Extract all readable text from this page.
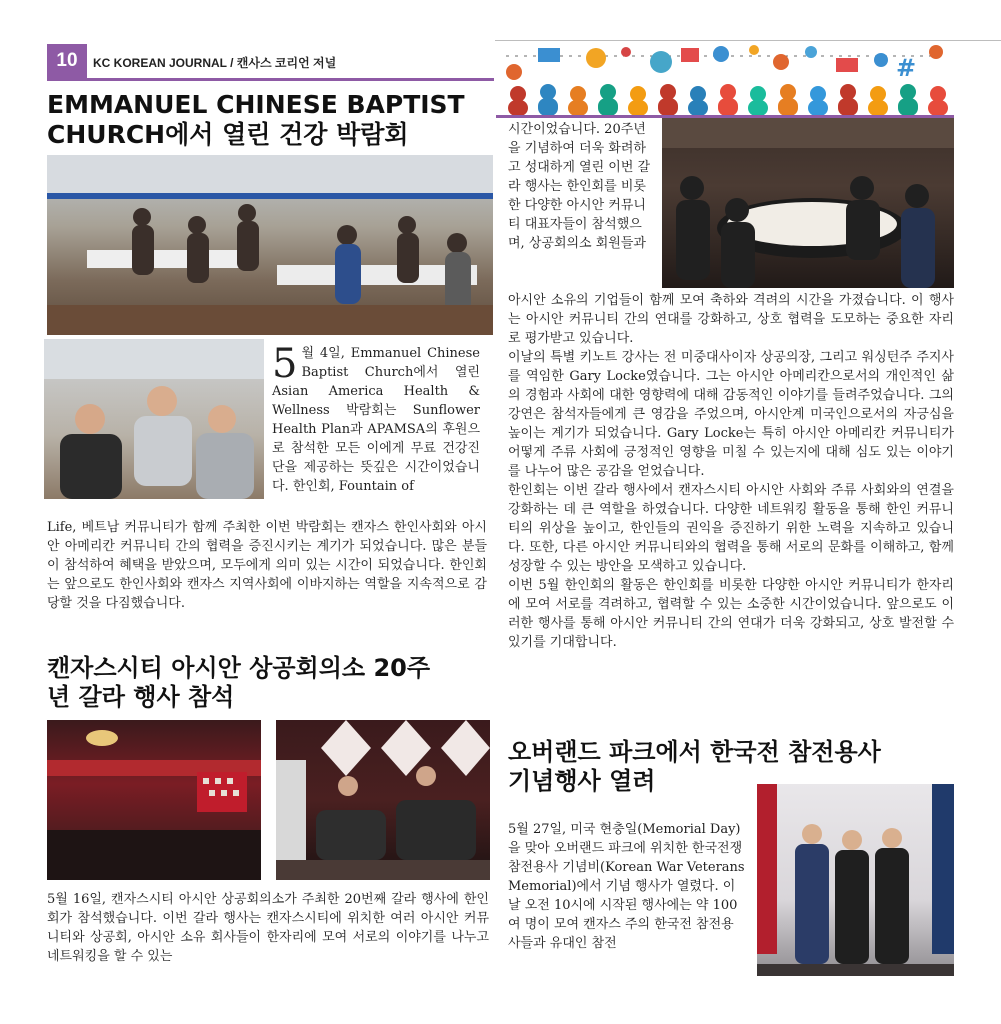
10	KC KOREAN JOURNAL / 캔사스 코리언 저널	#
EMMANUEL CHINESE BAPTIST
CHURCH에서 열린 건강 박람회
5 월 4일, Emmanuel Chinese Baptist Church에서 열린 Asian America Health & Wellness 박람회는 Sunflower Health Plan과 APAMSA의 후원으로 참석한 모든 이에게 무료 건강진단을 제공하는 뜻깊은 시간이었습니다. 한인회, Fountain of
Life, 베트남 커뮤니티가 함께 주최한 이번 박람회는 캔자스 한인사회와 아시안 아메리칸 커뮤니티 간의 협력을 증진시키는 계기가 되었습니다. 많은 분들이 참석하여 혜택을 받았으며, 모두에게 의미 있는 시간이 되었습니다. 한인회는 앞으로도 한인사회와 캔자스 지역사회에 이바지하는 역할을 지속적으로 감당할 것을 다짐했습니다.
캔자스시티 아시안 상공회의소 20주
년 갈라 행사 참석
5월 16일, 캔자스시티 아시안 상공회의소가 주최한 20번째 갈라 행사에 한인회가 참석했습니다. 이번 갈라 행사는 캔자스시티에 위치한 여러 아시안 커뮤니티와 상공회, 아시안 소유 회사들이 한자리에 모여 서로의 이야기를 나누고 네트워킹을 할 수 있는
시간이었습니다. 20주년을 기념하여 더욱 화려하고 성대하게 열린 이번 갈라 행사는 한인회를 비롯한 다양한 아시안 커뮤니티 대표자들이 참석했으며, 상공회의소 회원들과
아시안 소유의 기업들이 함께 모여 축하와 격려의 시간을 가졌습니다. 이 행사는 아시안 커뮤니티 간의 연대를 강화하고, 상호 협력을 도모하는 중요한 자리로 평가받고 있습니다.
이날의 특별 키노트 강사는 전 미중대사이자 상공의장, 그리고 워싱턴주 주지사를 역임한 Gary Locke였습니다. 그는 아시안 아메리칸으로서의 개인적인 삶의 경험과 사회에 대한 영향력에 대해 감동적인 이야기를 들려주었습니다. 그의 강연은 참석자들에게 큰 영감을 주었으며, 아시안계 미국인으로서의 자긍심을 높이는 계기가 되었습니다. Gary Locke는 특히 아시안 아메리칸 커뮤니티가 어떻게 주류 사회에 긍정적인 영향을 미칠 수 있는지에 대해 심도 있는 이야기를 나누어 많은 공감을 얻었습니다.
한인회는 이번 갈라 행사에서 캔자스시티 아시안 사회와 주류 사회와의 연결을 강화하는 데 큰 역할을 하였습니다. 다양한 네트워킹 활동을 통해 한인 커뮤니티의 위상을 높이고, 한인들의 권익을 증진하기 위한 노력을 지속하고 있습니다. 또한, 다른 아시안 커뮤니티와의 협력을 통해 서로의 문화를 이해하고, 함께 성장할 수 있는 방안을 모색하고 있습니다.
이번 5월 한인회의 활동은 한인회를 비롯한 다양한 아시안 커뮤니티가 한자리에 모여 서로를 격려하고, 협력할 수 있는 소중한 시간이었습니다. 앞으로도 이러한 행사를 통해 아시안 커뮤니티 간의 연대가 더욱 강화되고, 상호 발전할 수 있기를 기대합니다.
오버랜드 파크에서 한국전 참전용사
기념행사 열려
5월 27일, 미국 현충일(Memorial Day)을 맞아 오버랜드 파크에 위치한 한국전쟁 참전용사 기념비(Korean War Veterans Memorial)에서 기념 행사가 열렸다. 이날 오전 10시에 시작된 행사에는 약 100여 명이 모여 캔자스 주의 한국전 참전용사들과 유대인 참전
